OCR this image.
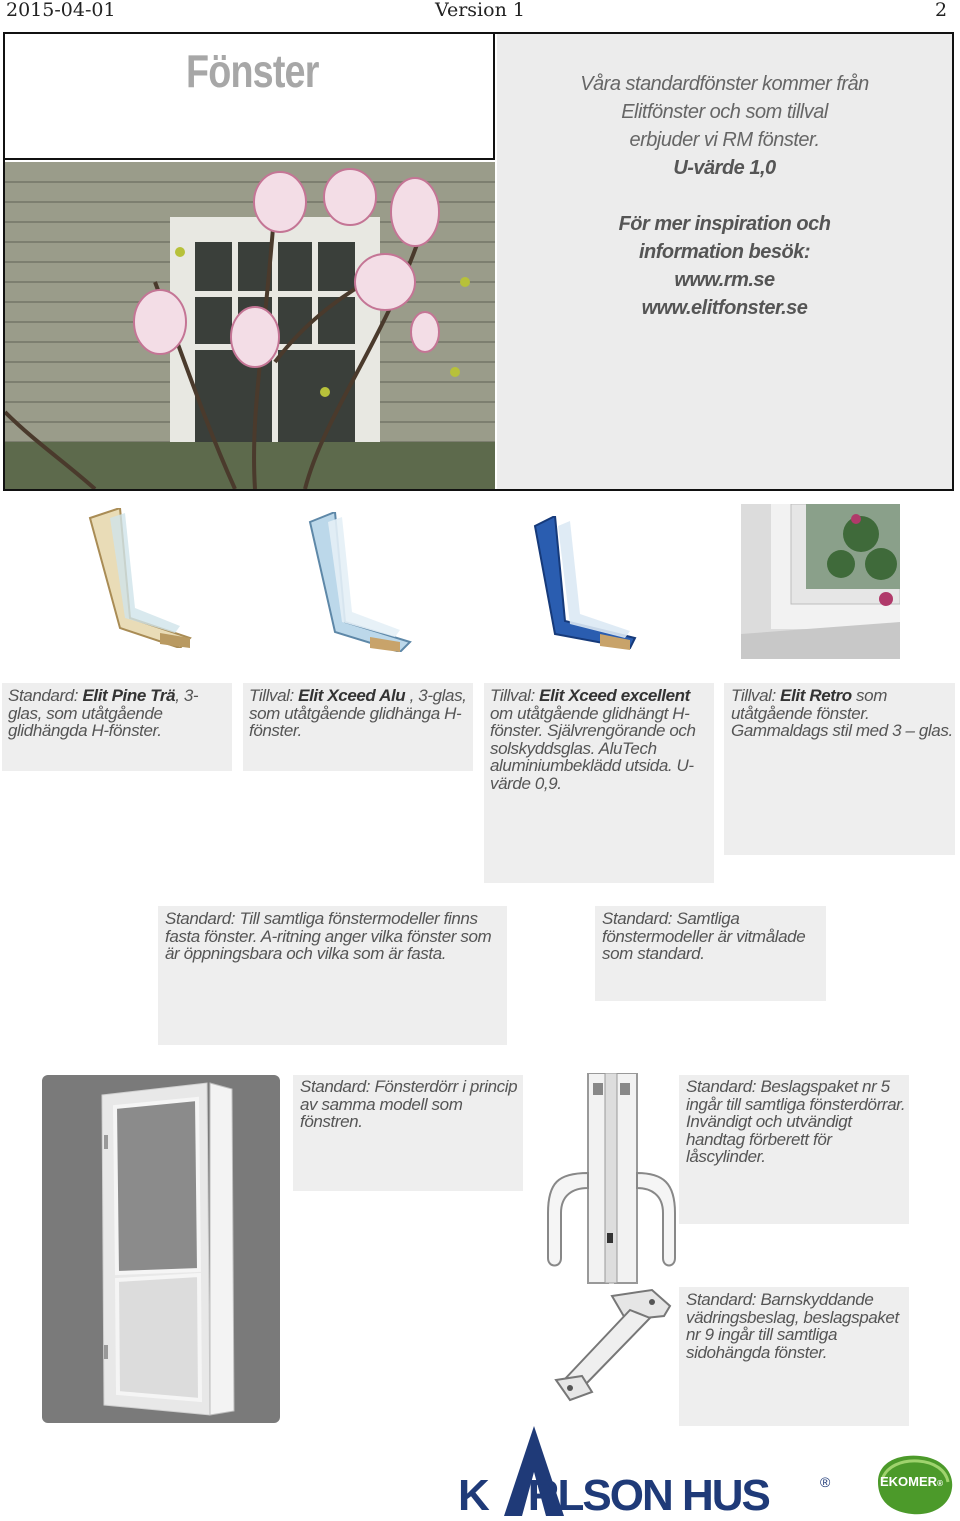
2015-04-01	Version 1	2
Fönster	Våra standardfönster kommer från
Elitfönster och som tillval
erbjuder vi RM fönster.
U-värde 1,0
För mer inspiration och
information besök:
www.rm.se
www.elitfonster.se
Standard: Elit Pine Trä, 3-glas, som utåtgående glidhängda H-fönster.
Tillval: Elit Xceed Alu , 3-glas, som utåtgående glidhänga H-fönster.
Tillval: Elit Xceed excellent om utåtgående glidhängt H-fönster. Självrengörande och solskyddsglas. AluTech aluminiumbeklädd utsida. U-värde 0,9.
Tillval: Elit Retro som utåtgående fönster. Gammaldags stil med 3 – glas.
Standard: Till samtliga fönstermodeller finns fasta fönster. A-ritning anger vilka fönster som är öppningsbara och vilka som är fasta.
Standard: Samtliga fönstermodeller är vitmålade som standard.
Standard: Fönsterdörr i princip av samma modell som fönstren.
Standard: Beslagspaket nr 5 ingår till samtliga fönsterdörrar. Invändigt och utvändigt handtag förberett för låscylinder.
Standard: Barnskyddande vädringsbeslag, beslagspaket nr 9 ingår till samtliga sidohängda fönster.
K RLSON HUS	®	EKOMER®
